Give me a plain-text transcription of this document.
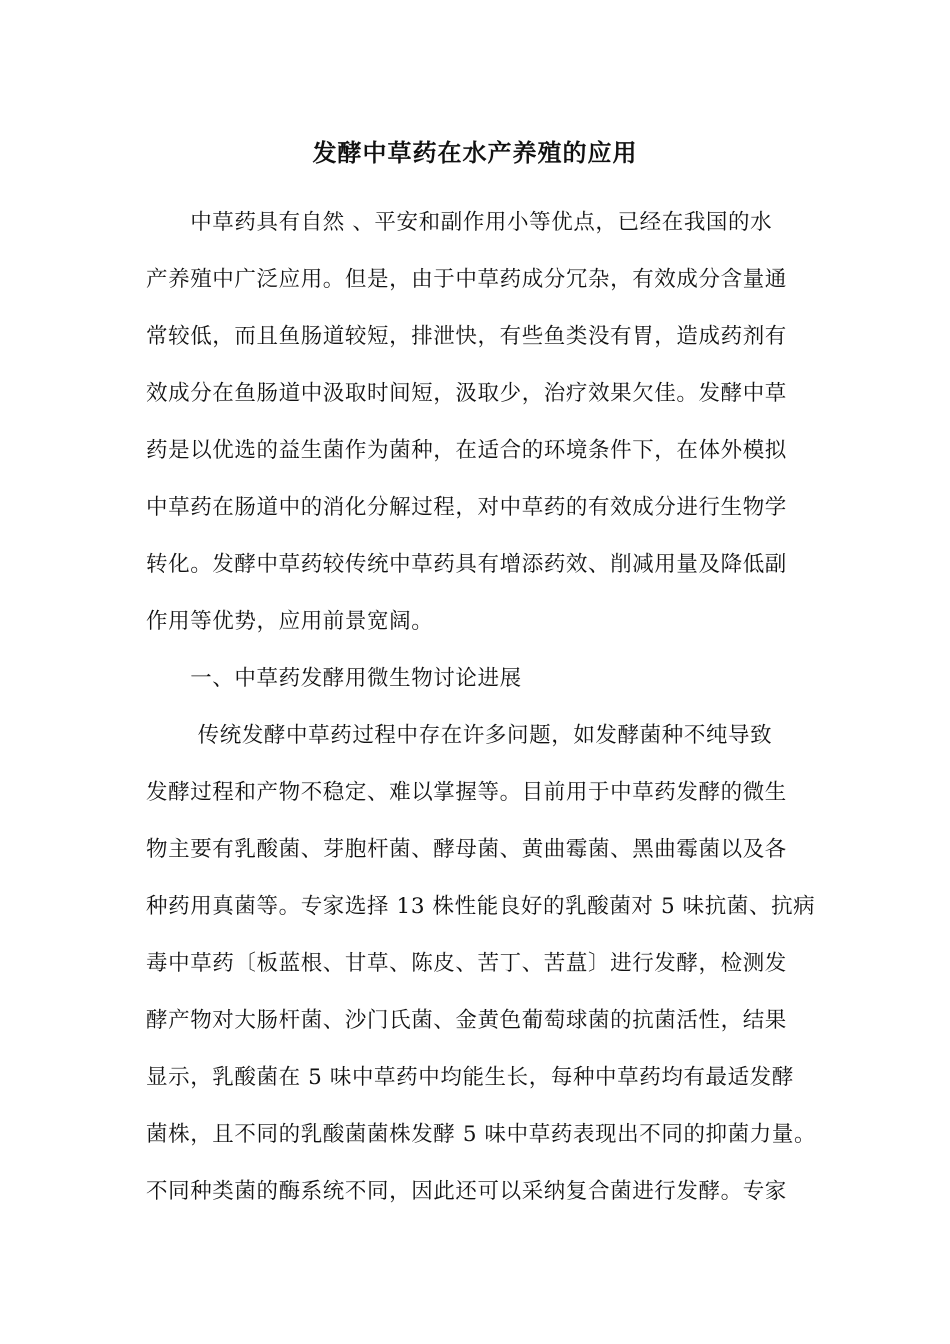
发酵中草药在水产养殖的应用
　　中草药具有自然 、平安和副作用小等优点，已经在我国的水
产养殖中广泛应用。但是，由于中草药成分冗杂，有效成分含量通
常较低，而且鱼肠道较短，排泄快，有些鱼类没有胃，造成药剂有
效成分在鱼肠道中汲取时间短，汲取少，治疗效果欠佳。发酵中草
药是以优选的益生菌作为菌种，在适合的环境条件下，在体外模拟
中草药在肠道中的消化分解过程，对中草药的有效成分进行生物学
转化。发酵中草药较传统中草药具有增添药效、削减用量及降低副
作用等优势，应用前景宽阔。
　　一、中草药发酵用微生物讨论进展
　　 传统发酵中草药过程中存在许多问题，如发酵菌种不纯导致
发酵过程和产物不稳定、难以掌握等。目前用于中草药发酵的微生
物主要有乳酸菌、芽胞杆菌、酵母菌、黄曲霉菌、黑曲霉菌以及各
种药用真菌等。专家选择 13 株性能良好的乳酸菌对 5 味抗菌、抗病
毒中草药〔板蓝根、甘草、陈皮、苦丁、苦蒀〕进行发酵，检测发
酵产物对大肠杆菌、沙门氏菌、金黄色葡萄球菌的抗菌活性，结果
显示，乳酸菌在 5 味中草药中均能生长，每种中草药均有最适发酵
菌株，且不同的乳酸菌菌株发酵 5 味中草药表现出不同的抑菌力量。
不同种类菌的酶系统不同，因此还可以采纳复合菌进行发酵。专家
